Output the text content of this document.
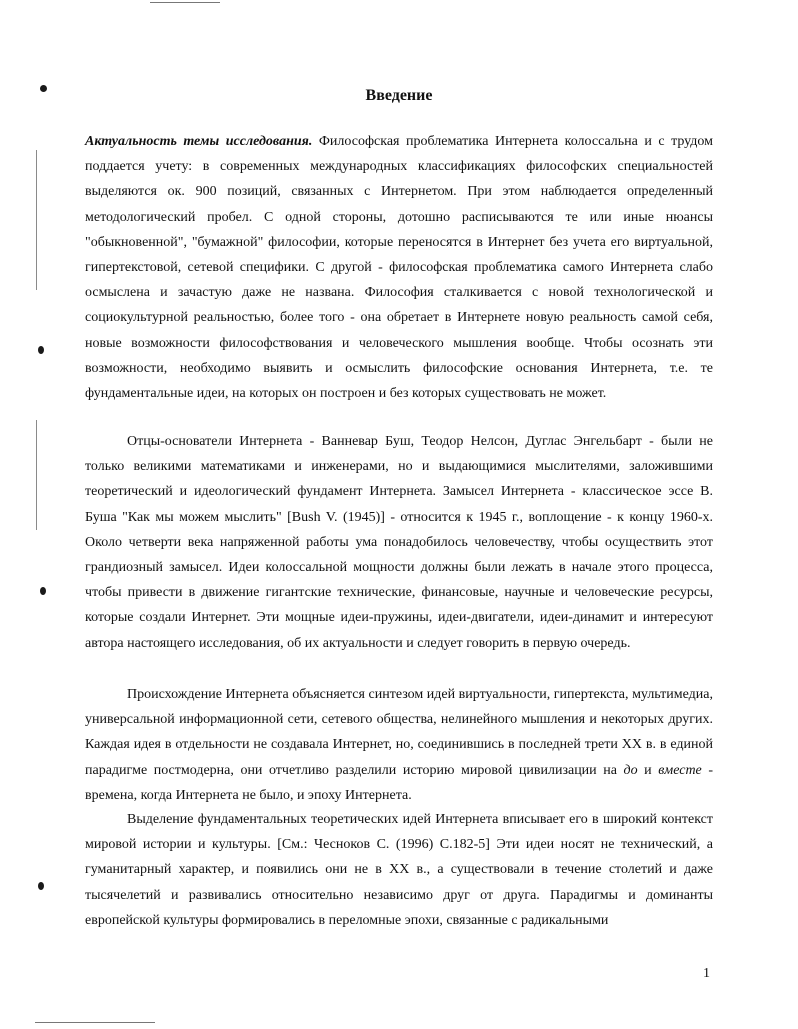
Введение

Актуальность темы исследования. Философская проблематика Интернета колоссальна и с трудом поддается учету: в современных международных классификациях философских специальностей выделяются ок. 900 позиций, связанных с Интернетом. При этом наблюдается определенный методологический пробел. С одной стороны, дотошно расписываются те или иные нюансы "обыкновенной", "бумажной" философии, которые переносятся в Интернет без учета его виртуальной, гипертекстовой, сетевой специфики. С другой - философская проблематика самого Интернета слабо осмыслена и зачастую даже не названа. Философия сталкивается с новой технологической и социокультурной реальностью, более того - она обретает в Интернете новую реальность самой себя, новые возможности философствования и человеческого мышления вообще. Чтобы осознать эти возможности, необходимо выявить и осмыслить философские основания Интернета, т.е. те фундаментальные идеи, на которых он построен и без которых существовать не может.

Отцы-основатели Интернета - Ванневар Буш, Теодор Нелсон, Дуглас Энгельбарт - были не только великими математиками и инженерами, но и выдающимися мыслителями, заложившими теоретический и идеологический фундамент Интернета. Замысел Интернета - классическое эссе В. Буша "Как мы можем мыслить" [Bush V. (1945)] - относится к 1945 г., воплощение - к концу 1960-х. Около четверти века напряженной работы ума понадобилось человечеству, чтобы осуществить этот грандиозный замысел. Идеи колоссальной мощности должны были лежать в начале этого процесса, чтобы привести в движение гигантские технические, финансовые, научные и человеческие ресурсы, которые создали Интернет. Эти мощные идеи-пружины, идеи-двигатели, идеи-динамит и интересуют автора настоящего исследования, об их актуальности и следует говорить в первую очередь.

Происхождение Интернета объясняется синтезом идей виртуальности, гипертекста, мультимедиа, универсальной информационной сети, сетевого общества, нелинейного мышления и некоторых других. Каждая идея в отдельности не создавала Интернет, но, соединившись в последней трети XX в. в единой парадигме постмодерна, они отчетливо разделили историю мировой цивилизации на до и вместе - времена, когда Интернета не было, и эпоху Интернета.

Выделение фундаментальных теоретических идей Интернета вписывает его в широкий контекст мировой истории и культуры. [См.: Чесноков С. (1996) С.182-5] Эти идеи носят не технический, а гуманитарный характер, и появились они не в XX в., а существовали в течение столетий и даже тысячелетий и развивались относительно независимо друг от друга. Парадигмы и доминанты европейской культуры формировались в переломные эпохи, связанные с радикальными

1
